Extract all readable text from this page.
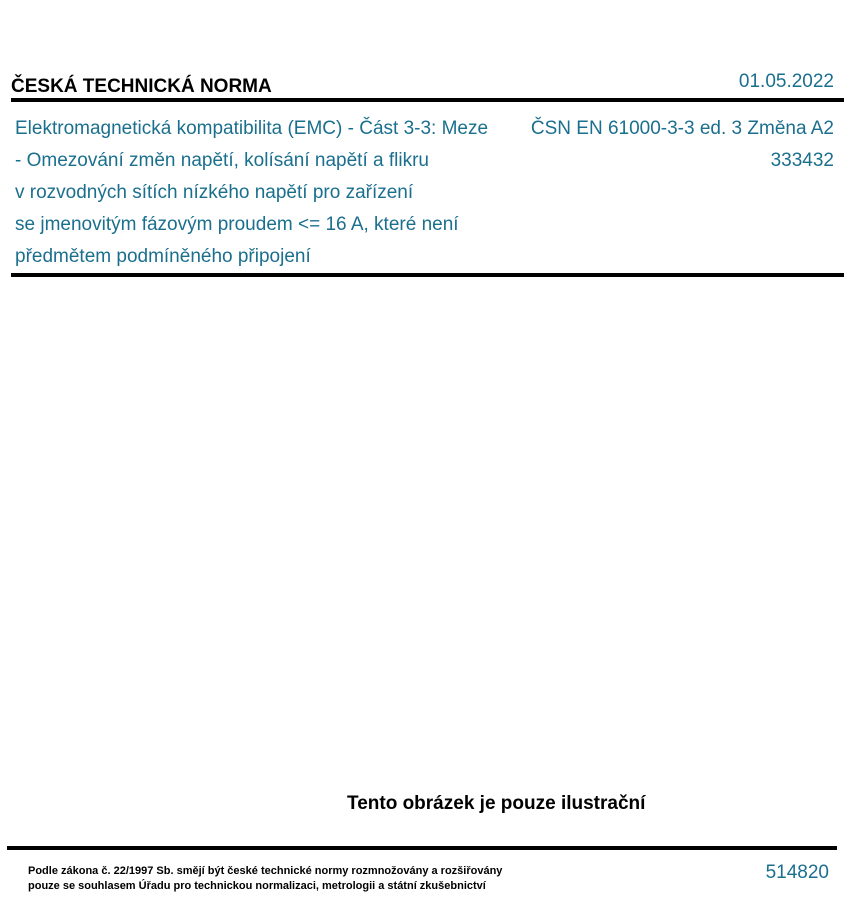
ČESKÁ TECHNICKÁ NORMA	01.05.2022
Elektromagnetická kompatibilita (EMC) - Část 3-3: Meze
- Omezování změn napětí, kolísání napětí a flikru
v rozvodných sítích nízkého napětí pro zařízení
se jmenovitým fázovým proudem <= 16 A, které není
předmětem podmíněného připojení
ČSN EN 61000-3-3 ed. 3 Změna A2
333432
Tento obrázek je pouze ilustrační
Podle zákona č. 22/1997 Sb. smějí být české technické normy rozmnožovány a rozšiřovány
pouze se souhlasem Úřadu pro technickou normalizaci, metrologii a státní zkušebnictví
514820
